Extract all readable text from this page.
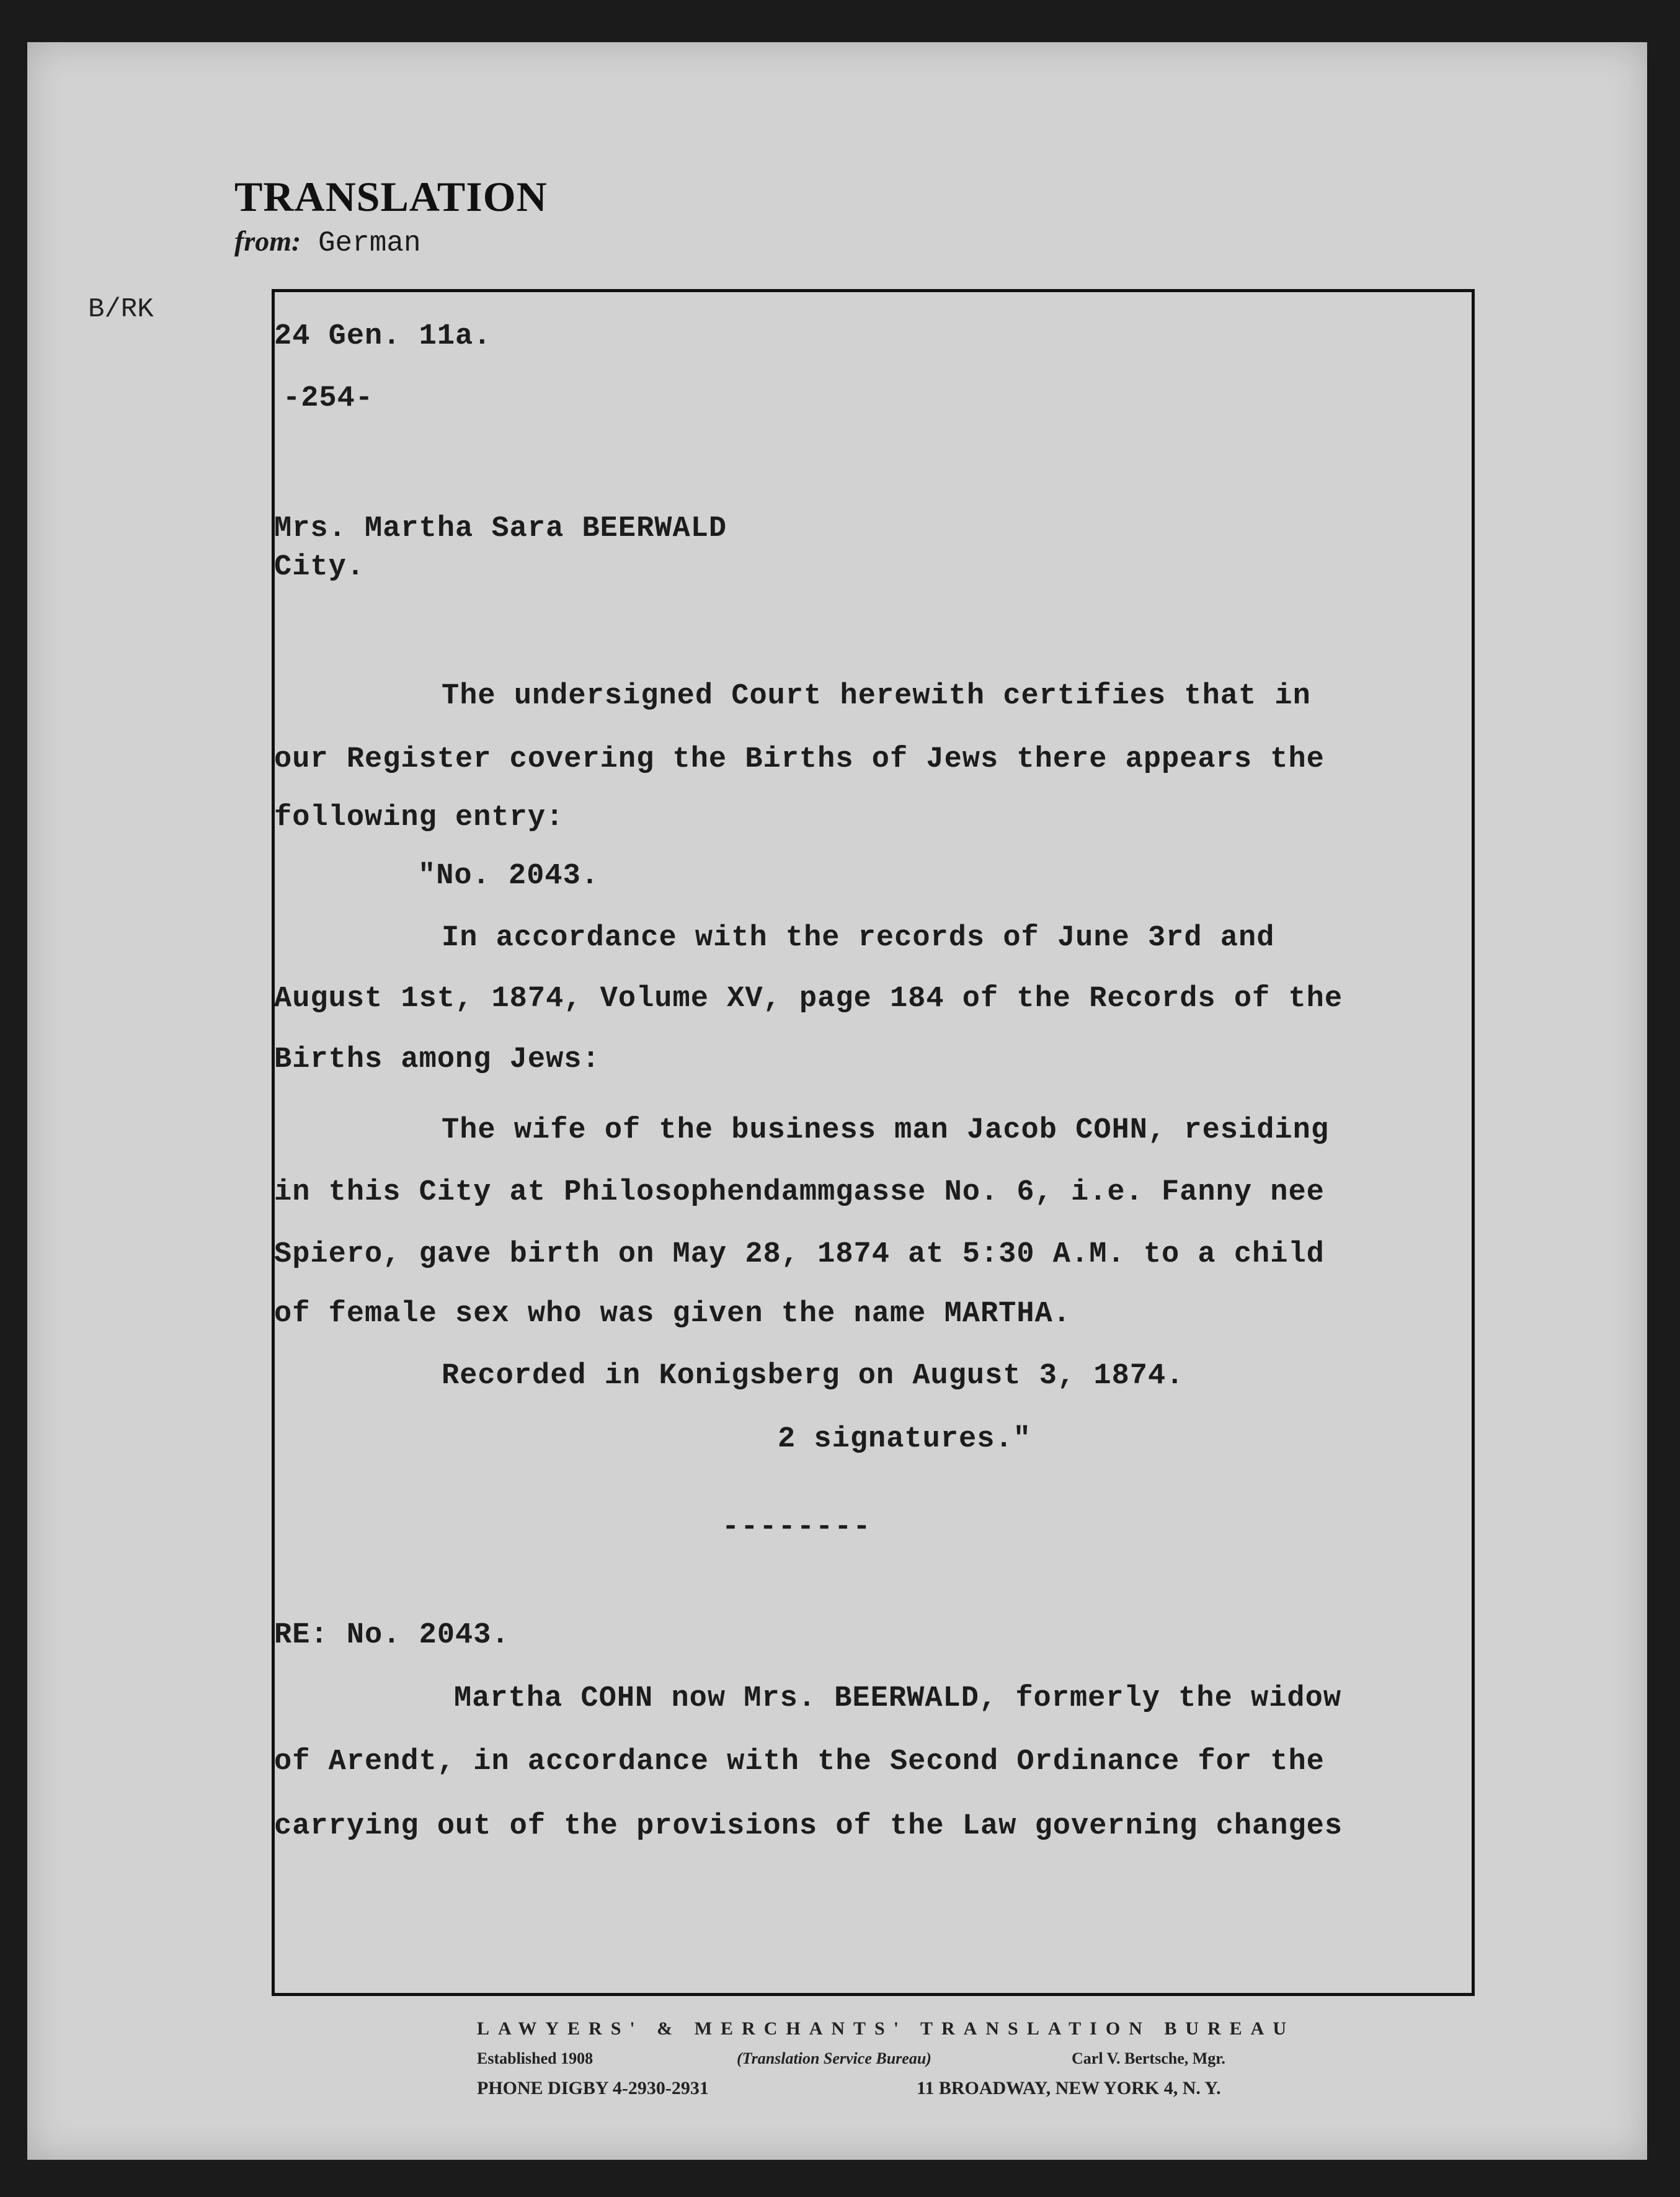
TRANSLATION
from: German
B/RK
24 Gen. 11a.
-254-
Mrs. Martha Sara BEERWALD
City.
The undersigned Court herewith certifies that in
our Register covering the Births of Jews there appears the
following entry:
"No. 2043.
In accordance with the records of June 3rd and
August 1st, 1874, Volume XV, page 184 of the Records of the
Births among Jews:
The wife of the business man Jacob COHN, residing
in this City at Philosophendammgasse No. 6, i.e. Fanny nee
Spiero, gave birth on May 28, 1874 at 5:30 A.M. to a child
of female sex who was given the name MARTHA.
Recorded in Konigsberg on August 3, 1874.
2 signatures."
--------
RE: No. 2043.
Martha COHN now Mrs. BEERWALD, formerly the widow
of Arendt, in accordance with the Second Ordinance for the
carrying out of the provisions of the Law governing changes
LAWYERS' & MERCHANTS' TRANSLATION BUREAU
Established 1908	(Translation Service Bureau)	Carl V. Bertsche, Mgr.
PHONE DIGBY 4-2930-2931	11 BROADWAY, NEW YORK 4, N. Y.
